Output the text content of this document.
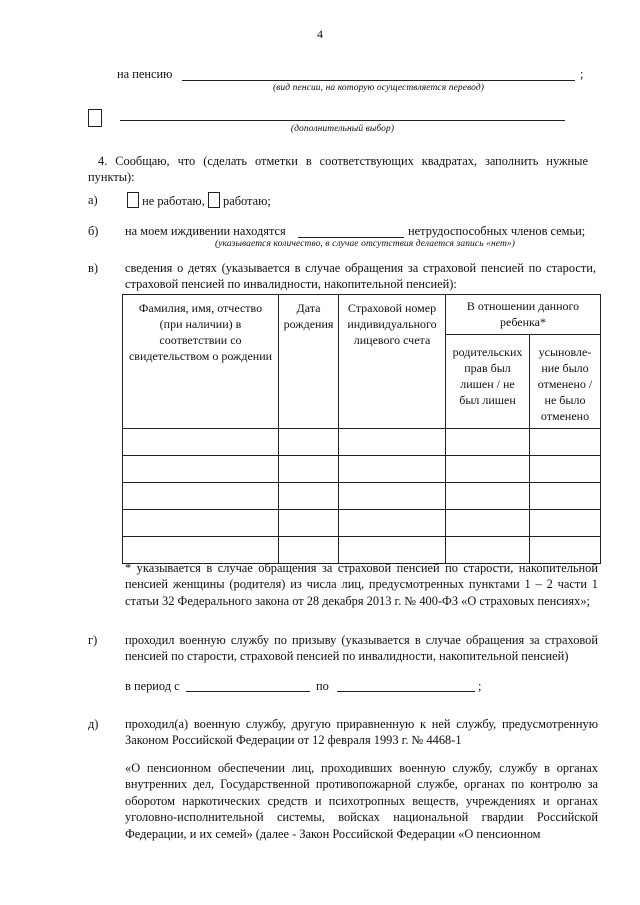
4
на пенсию	;
(вид пенсии, на которую осуществляется перевод)
(дополнительный выбор)
4. Сообщаю, что (сделать отметки в соответствующих квадратах, заполнить нужные пункты):
а)	не работаю, работаю;
б) на моем иждивении находятся	нетрудоспособных членов семьи;
(указывается количество, в случае отсутствия делается запись «нет»)
в) сведения о детях (указывается в случае обращения за страховой пенсией по старости, страховой пенсией по инвалидности, накопительной пенсией):
Фамилия, имя, отчество (при наличии) в соответствии со свидетельством о рождении	Дата рождения	Страховой номер индивидуального лицевого счета	В отношении данного ребенка*	
			родительских прав был лишен / не был лишен	усыновле-ние было отменено / не было отменено

* указывается в случае обращения за страховой пенсией по старости, накопительной пенсией женщины (родителя) из числа лиц, предусмотренных пунктами 1 – 2 части 1 статьи 32 Федерального закона от 28 декабря 2013 г. № 400-ФЗ «О страховых пенсиях»;
г) проходил военную службу по призыву (указывается в случае обращения за страховой пенсией по старости, страховой пенсией по инвалидности, накопительной пенсией)
в период с	по	;
д) проходил(а) военную службу, другую приравненную к ней службу, предусмотренную Законом Российской Федерации от 12 февраля 1993 г. № 4468-1
«О пенсионном обеспечении лиц, проходивших военную службу, службу в органах внутренних дел, Государственной противопожарной службе, органах по контролю за оборотом наркотических средств и психотропных веществ, учреждениях и органах уголовно-исполнительной системы, войсках национальной гвардии Российской Федерации, и их семей» (далее - Закон Российской Федерации «О пенсионном
